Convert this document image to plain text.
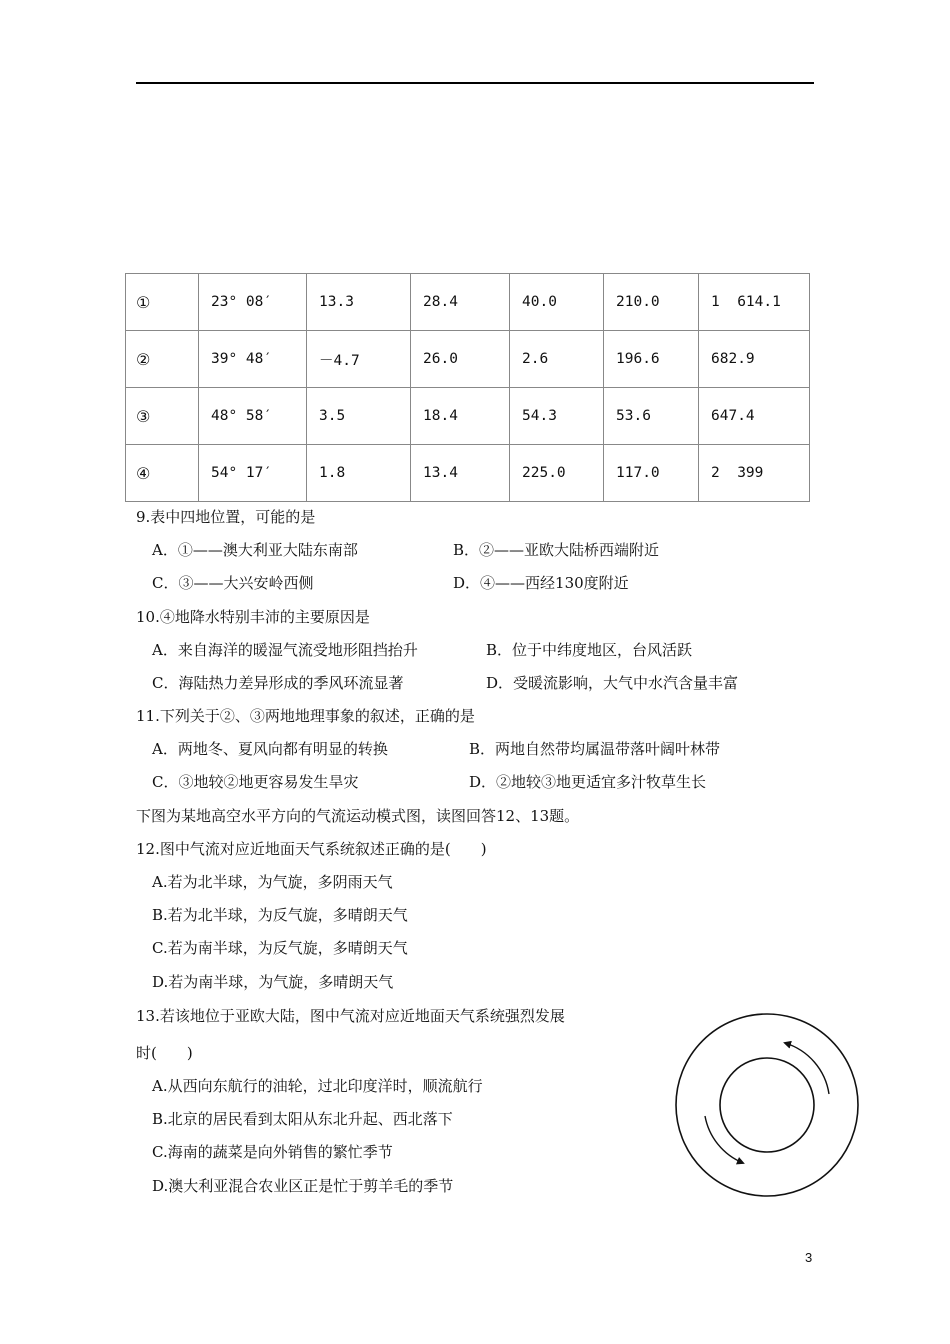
①	23° 08′	13.3	28.4	40.0	210.0	1  614.1
②	39° 48′	－4.7	26.0	2.6	196.6	682.9
③	48° 58′	3.5	18.4	54.3	53.6	647.4
④	54° 17′	1.8	13.4	225.0	117.0	2  399
9.表中四地位置，可能的是
A．①——澳大利亚大陆东南部	B．②——亚欧大陆桥西端附近
C．③——大兴安岭西侧	D．④——西经130度附近
10.④地降水特别丰沛的主要原因是
A．来自海洋的暖湿气流受地形阻挡抬升	B．位于中纬度地区，台风活跃
C．海陆热力差异形成的季风环流显著	D．受暖流影响，大气中水汽含量丰富
11.下列关于②、③两地地理事象的叙述，正确的是
A．两地冬、夏风向都有明显的转换	B．两地自然带均属温带落叶阔叶林带
C．③地较②地更容易发生旱灾	D．②地较③地更适宜多汁牧草生长
下图为某地高空水平方向的气流运动模式图，读图回答12、13题。
12.图中气流对应近地面天气系统叙述正确的是(　　)
A.若为北半球，为气旋，多阴雨天气
B.若为北半球，为反气旋，多晴朗天气
C.若为南半球，为反气旋，多晴朗天气
D.若为南半球，为气旋，多晴朗天气
13.若该地位于亚欧大陆，图中气流对应近地面天气系统强烈发展
时(　　)
A.从西向东航行的油轮，过北印度洋时，顺流航行
B.北京的居民看到太阳从东北升起、西北落下
C.海南的蔬菜是向外销售的繁忙季节
D.澳大利亚混合农业区正是忙于剪羊毛的季节
3
